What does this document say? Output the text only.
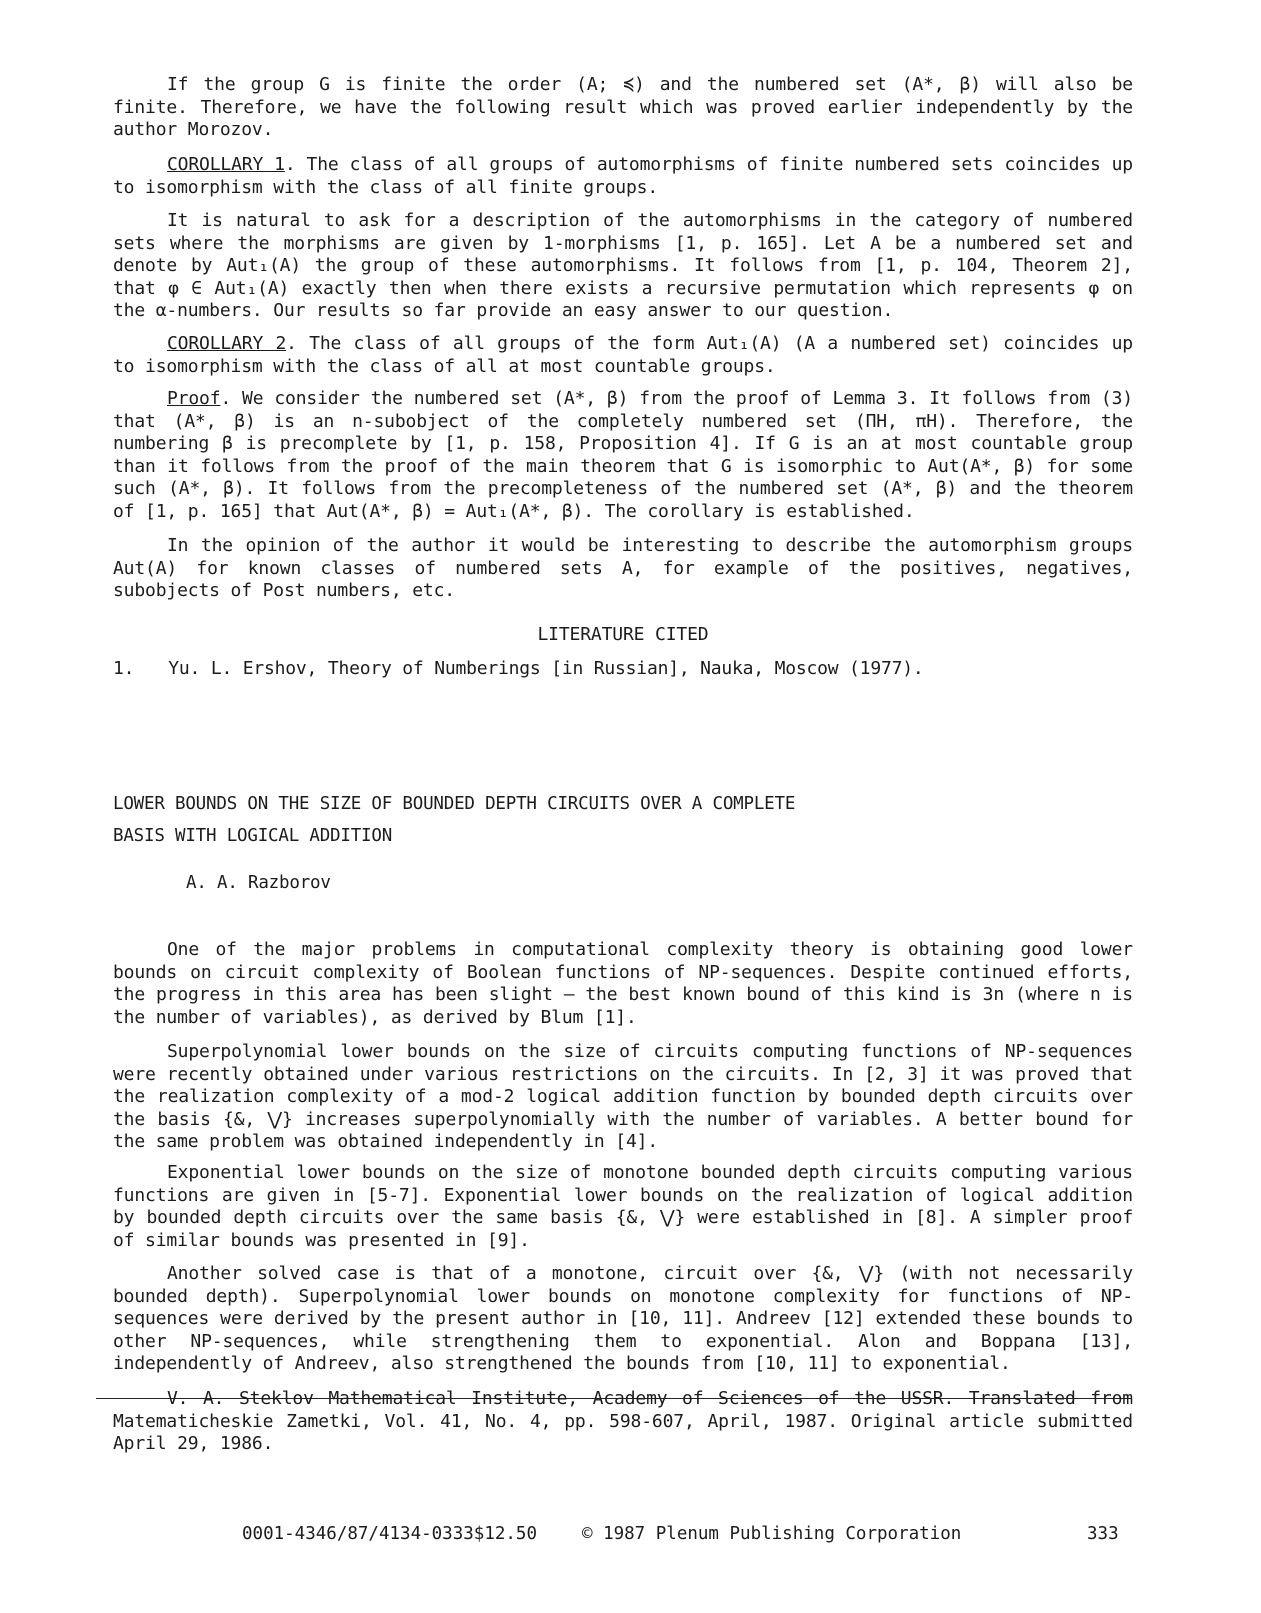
If the group G is finite the order (A; ≼) and the numbered set (A*, β) will also be finite. Therefore, we have the following result which was proved earlier independently by the author Morozov.
COROLLARY 1. The class of all groups of automorphisms of finite numbered sets coincides up to isomorphism with the class of all finite groups.
It is natural to ask for a description of the automorphisms in the category of numbered sets where the morphisms are given by 1-morphisms [1, p. 165]. Let A be a numbered set and denote by Aut₁(A) the group of these automorphisms. It follows from [1, p. 104, Theorem 2], that φ ∈ Aut₁(A) exactly then when there exists a recursive permutation which represents φ on the α-numbers. Our results so far provide an easy answer to our question.
COROLLARY 2. The class of all groups of the form Aut₁(A) (A a numbered set) coincides up to isomorphism with the class of all at most countable groups.
Proof. We consider the numbered set (A*, β) from the proof of Lemma 3. It follows from (3) that (A*, β) is an n-subobject of the completely numbered set (ΠH, πH). Therefore, the numbering β is precomplete by [1, p. 158, Proposition 4]. If G is an at most countable group than it follows from the proof of the main theorem that G is isomorphic to Aut(A*, β) for some such (A*, β). It follows from the precompleteness of the numbered set (A*, β) and the theorem of [1, p. 165] that Aut(A*, β) = Aut₁(A*, β). The corollary is established.
In the opinion of the author it would be interesting to describe the automorphism groups Aut(A) for known classes of numbered sets A, for example of the positives, negatives, subobjects of Post numbers, etc.
LITERATURE CITED
1. Yu. L. Ershov, Theory of Numberings [in Russian], Nauka, Moscow (1977).
LOWER BOUNDS ON THE SIZE OF BOUNDED DEPTH CIRCUITS OVER A COMPLETE
BASIS WITH LOGICAL ADDITION
A. A. Razborov
One of the major problems in computational complexity theory is obtaining good lower bounds on circuit complexity of Boolean functions of NP-sequences. Despite continued efforts, the progress in this area has been slight — the best known bound of this kind is 3n (where n is the number of variables), as derived by Blum [1].
Superpolynomial lower bounds on the size of circuits computing functions of NP-sequences were recently obtained under various restrictions on the circuits. In [2, 3] it was proved that the realization complexity of a mod-2 logical addition function by bounded depth circuits over the basis {&, ⋁} increases superpolynomially with the number of variables. A better bound for the same problem was obtained independently in [4].
Exponential lower bounds on the size of monotone bounded depth circuits computing various functions are given in [5-7]. Exponential lower bounds on the realization of logical addition by bounded depth circuits over the same basis {&, ⋁} were established in [8]. A simpler proof of similar bounds was presented in [9].
Another solved case is that of a monotone, circuit over {&, ⋁} (with not necessarily bounded depth). Superpolynomial lower bounds on monotone complexity for functions of NP-sequences were derived by the present author in [10, 11]. Andreev [12] extended these bounds to other NP-sequences, while strengthening them to exponential. Alon and Boppana [13], independently of Andreev, also strengthened the bounds from [10, 11] to exponential.
V. A. Steklov Mathematical Institute, Academy of Sciences of the USSR. Translated from Matematicheskie Zametki, Vol. 41, No. 4, pp. 598-607, April, 1987. Original article submitted April 29, 1986.
0001-4346/87/4134-0333$12.50	© 1987 Plenum Publishing Corporation	333
